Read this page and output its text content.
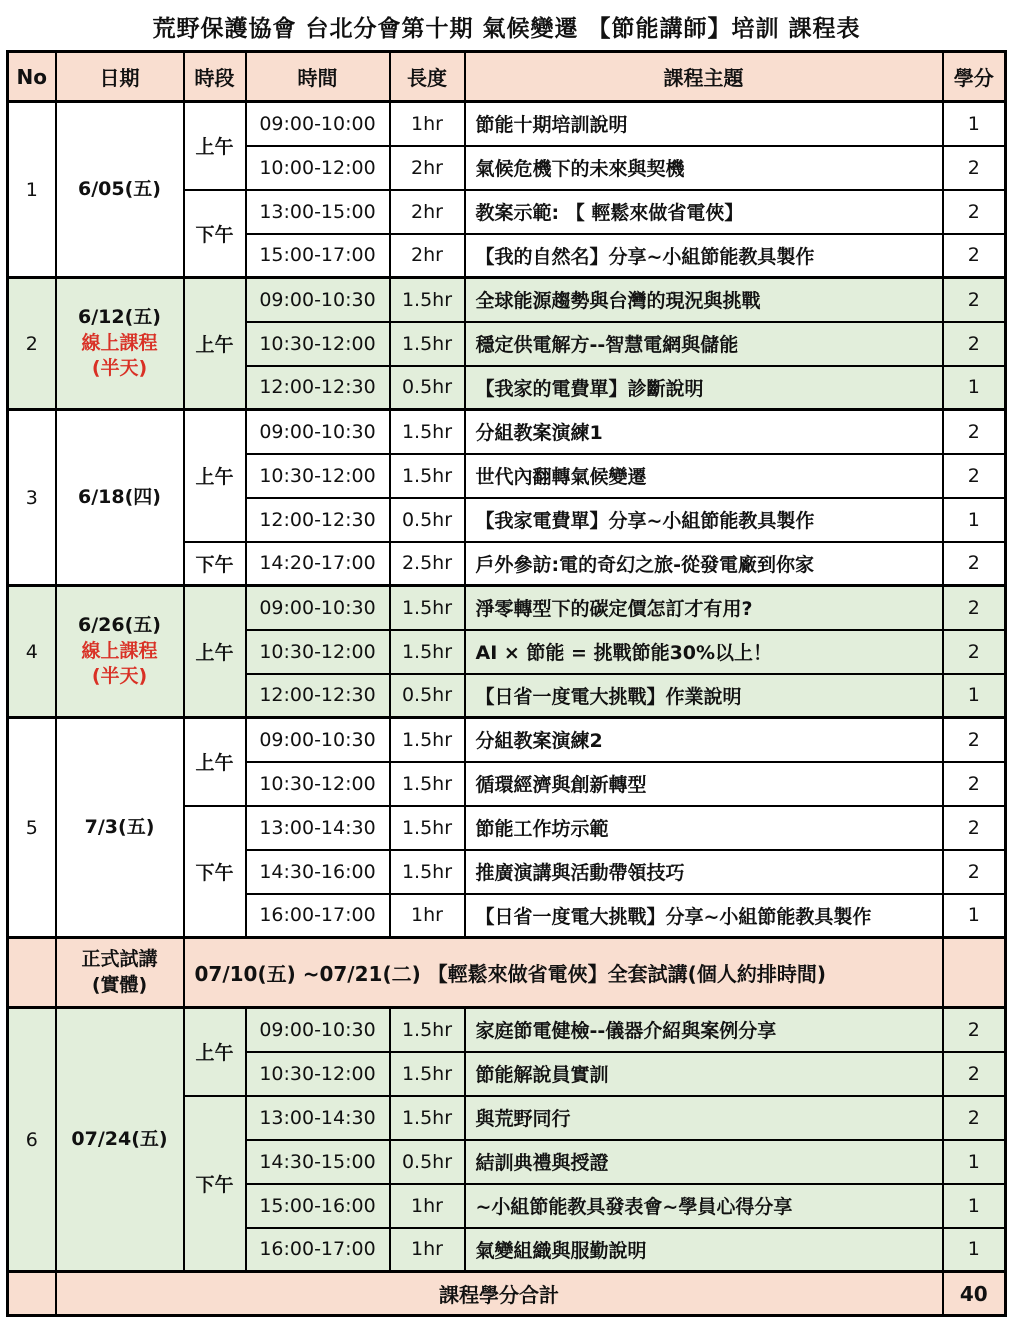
荒野保護協會 台北分會第十期 氣候變遷 【節能講師】培訓 課程表
No	日期	時段	時間	長度	課程主題	學分
1	6/05(五)	上午	09:00-10:00	1hr	節能十期培訓說明	1
			10:00-12:00	2hr	氣候危機下的未來與契機	2
		下午	13:00-15:00	2hr	教案示範: 【 輕鬆來做省電俠】	2
			15:00-17:00	2hr	【我的自然名】分享~小組節能教具製作	2
2	6/12(五)
線上課程
(半天)	上午	09:00-10:30	1.5hr	全球能源趨勢與台灣的現況與挑戰	2
			10:30-12:00	1.5hr	穩定供電解方--智慧電網與儲能	2
			12:00-12:30	0.5hr	【我家的電費單】診斷說明	1
3	6/18(四)	上午	09:00-10:30	1.5hr	分組教案演練1	2
			10:30-12:00	1.5hr	世代內翻轉氣候變遷	2
			12:00-12:30	0.5hr	【我家電費單】分享~小組節能教具製作	1
		下午	14:20-17:00	2.5hr	戶外參訪:電的奇幻之旅-從發電廠到你家	2
4	6/26(五)
線上課程
(半天)	上午	09:00-10:30	1.5hr	淨零轉型下的碳定價怎訂才有用?	2
			10:30-12:00	1.5hr	AI × 節能 = 挑戰節能30%以上！	2
			12:00-12:30	0.5hr	【日省一度電大挑戰】作業說明	1
5	7/3(五)	上午	09:00-10:30	1.5hr	分組教案演練2	2
			10:30-12:00	1.5hr	循環經濟與創新轉型	2
		下午	13:00-14:30	1.5hr	節能工作坊示範	2
			14:30-16:00	1.5hr	推廣演講與活動帶領技巧	2
			16:00-17:00	1hr	【日省一度電大挑戰】分享~小組節能教具製作	1

	正式試講
(實體)	07/10(五) ~07/21(二) 【輕鬆來做省電俠】全套試講(個人約排時間)				
6	07/24(五)	上午	09:00-10:30	1.5hr	家庭節電健檢--儀器介紹與案例分享	2
			10:30-12:00	1.5hr	節能解說員實訓	2
		下午	13:00-14:30	1.5hr	與荒野同行	2
			14:30-15:00	0.5hr	結訓典禮與授證	1
			15:00-16:00	1hr	~小組節能教具發表會~學員心得分享	1
			16:00-17:00	1hr	氣變組織與服勤說明	1
	課程學分合計					40
